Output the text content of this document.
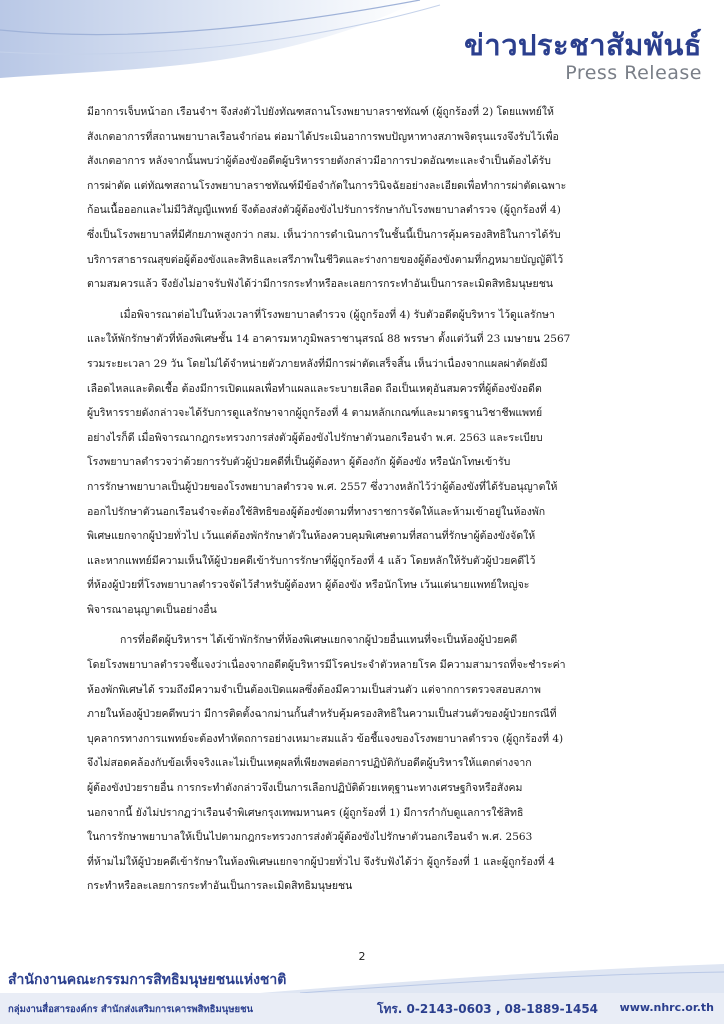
ข่าวประชาสัมพันธ์
Press Release
มีอาการเจ็บหน้าอก เรือนจำฯ จึงส่งตัวไปยังทัณฑสถานโรงพยาบาลราชทัณฑ์ (ผู้ถูกร้องที่ 2) โดยแพทย์ให้
สังเกตอาการที่สถานพยาบาลเรือนจำก่อน ต่อมาได้ประเมินอาการพบปัญหาทางสภาพจิตรุนแรงจึงรับไว้เพื่อ
สังเกตอาการ หลังจากนั้นพบว่าผู้ต้องขังอดีตผู้บริหารรายดังกล่าวมีอาการปวดอัณฑะและจำเป็นต้องได้รับ
การผ่าตัด แต่ทัณฑสถานโรงพยาบาลราชทัณฑ์มีข้อจำกัดในการวินิจฉัยอย่างละเอียดเพื่อทำการผ่าตัดเฉพาะ
ก้อนเนื้อออกและไม่มีวิสัญญีแพทย์ จึงต้องส่งตัวผู้ต้องขังไปรับการรักษากับโรงพยาบาลตำรวจ (ผู้ถูกร้องที่ 4)
ซึ่งเป็นโรงพยาบาลที่มีศักยภาพสูงกว่า กสม. เห็นว่าการดำเนินการในชั้นนี้เป็นการคุ้มครองสิทธิในการได้รับ
บริการสาธารณสุขต่อผู้ต้องขังและสิทธิและเสรีภาพในชีวิตและร่างกายของผู้ต้องขังตามที่กฎหมายบัญญัติไว้
ตามสมควรแล้ว จึงยังไม่อาจรับฟังได้ว่ามีการกระทำหรือละเลยการกระทำอันเป็นการละเมิดสิทธิมนุษยชน
เมื่อพิจารณาต่อไปในห้วงเวลาที่โรงพยาบาลตำรวจ (ผู้ถูกร้องที่ 4) รับตัวอดีตผู้บริหาร ไว้ดูแลรักษา
และให้พักรักษาตัวที่ห้องพิเศษชั้น 14 อาคารมหาภูมิพลราชานุสรณ์ 88 พรรษา ตั้งแต่วันที่ 23 เมษายน 2567
รวมระยะเวลา 29 วัน โดยไม่ได้จำหน่ายตัวภายหลังที่มีการผ่าตัดเสร็จสิ้น เห็นว่าเนื่องจากแผลผ่าตัดยังมี
เลือดไหลและติดเชื้อ ต้องมีการเปิดแผลเพื่อทำแผลและระบายเลือด ถือเป็นเหตุอันสมควรที่ผู้ต้องขังอดีต
ผู้บริหารรายดังกล่าวจะได้รับการดูแลรักษาจากผู้ถูกร้องที่ 4 ตามหลักเกณฑ์และมาตรฐานวิชาชีพแพทย์
อย่างไรก็ดี เมื่อพิจารณากฎกระทรวงการส่งตัวผู้ต้องขังไปรักษาตัวนอกเรือนจำ พ.ศ. 2563 และระเบียบ
โรงพยาบาลตำรวจว่าด้วยการรับตัวผู้ป่วยคดีที่เป็นผู้ต้องหา ผู้ต้องกัก ผู้ต้องขัง หรือนักโทษเข้ารับ
การรักษาพยาบาลเป็นผู้ป่วยของโรงพยาบาลตำรวจ พ.ศ. 2557 ซึ่งวางหลักไว้ว่าผู้ต้องขังที่ได้รับอนุญาตให้
ออกไปรักษาตัวนอกเรือนจำจะต้องใช้สิทธิของผู้ต้องขังตามที่ทางราชการจัดให้และห้ามเข้าอยู่ในห้องพัก
พิเศษแยกจากผู้ป่วยทั่วไป เว้นแต่ต้องพักรักษาตัวในห้องควบคุมพิเศษตามที่สถานที่รักษาผู้ต้องขังจัดให้
และหากแพทย์มีความเห็นให้ผู้ป่วยคดีเข้ารับการรักษาที่ผู้ถูกร้องที่ 4 แล้ว โดยหลักให้รับตัวผู้ป่วยคดีไว้
ที่ห้องผู้ป่วยที่โรงพยาบาลตำรวจจัดไว้สำหรับผู้ต้องหา ผู้ต้องขัง หรือนักโทษ เว้นแต่นายแพทย์ใหญ่จะ
พิจารณาอนุญาตเป็นอย่างอื่น
การที่อดีตผู้บริหารฯ ได้เข้าพักรักษาที่ห้องพิเศษแยกจากผู้ป่วยอื่นแทนที่จะเป็นห้องผู้ป่วยคดี
โดยโรงพยาบาลตำรวจชี้แจงว่าเนื่องจากอดีตผู้บริหารมีโรคประจำตัวหลายโรค มีความสามารถที่จะชำระค่า
ห้องพักพิเศษได้ รวมถึงมีความจำเป็นต้องเปิดแผลซึ่งต้องมีความเป็นส่วนตัว แต่จากการตรวจสอบสภาพ
ภายในห้องผู้ป่วยคดีพบว่า มีการติดตั้งฉากม่านกั้นสำหรับคุ้มครองสิทธิในความเป็นส่วนตัวของผู้ป่วยกรณีที่
บุคลากรทางการแพทย์จะต้องทำหัตถการอย่างเหมาะสมแล้ว ข้อชี้แจงของโรงพยาบาลตำรวจ (ผู้ถูกร้องที่ 4)
จึงไม่สอดคล้องกับข้อเท็จจริงและไม่เป็นเหตุผลที่เพียงพอต่อการปฏิบัติกับอดีตผู้บริหารให้แตกต่างจาก
ผู้ต้องขังป่วยรายอื่น การกระทำดังกล่าวจึงเป็นการเลือกปฏิบัติด้วยเหตุฐานะทางเศรษฐกิจหรือสังคม
นอกจากนี้ ยังไม่ปรากฏว่าเรือนจำพิเศษกรุงเทพมหานคร (ผู้ถูกร้องที่ 1) มีการกำกับดูแลการใช้สิทธิ
ในการรักษาพยาบาลให้เป็นไปตามกฎกระทรวงการส่งตัวผู้ต้องขังไปรักษาตัวนอกเรือนจำ พ.ศ. 2563
ที่ห้ามไม่ให้ผู้ป่วยคดีเข้ารักษาในห้องพิเศษแยกจากผู้ป่วยทั่วไป จึงรับฟังได้ว่า ผู้ถูกร้องที่ 1 และผู้ถูกร้องที่ 4
กระทำหรือละเลยการกระทำอันเป็นการละเมิดสิทธิมนุษยชน
2
สำนักงานคณะกรรมการสิทธิมนุษยชนแห่งชาติ
กลุ่มงานสื่อสารองค์กร สำนักส่งเสริมการเคารพสิทธิมนุษยชน	โทร. 0-2143-0603 , 08-1889-1454 www.nhrc.or.th
